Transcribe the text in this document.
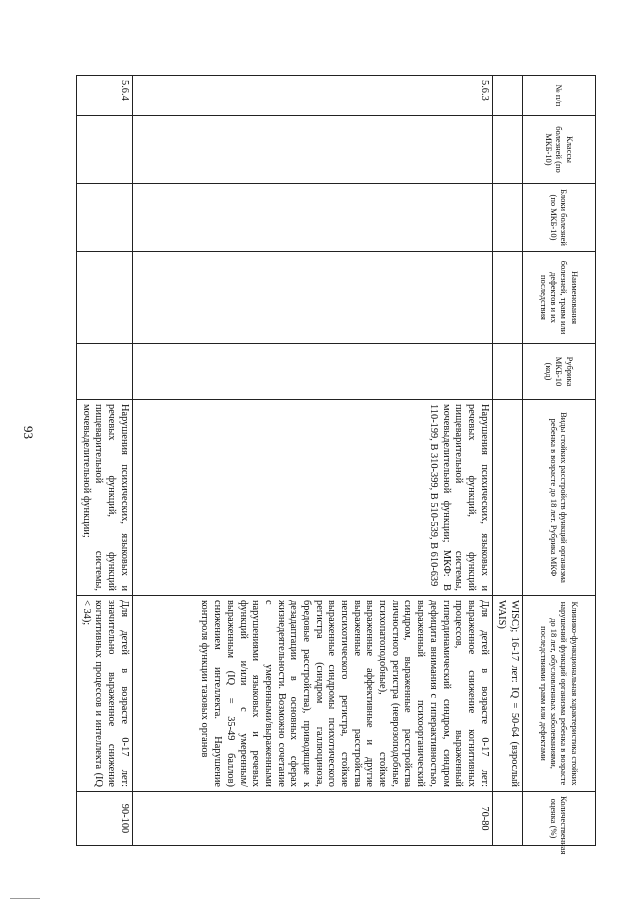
93
№ п/п	Классы болезней (по МКБ-10)	Блоки болезней (по МКБ-10)	Наименования болезней, травм или дефектов и их последствия	Рубрика МКБ-10 (код)	Виды стойких расстройств функций организма ребенка в возрасте до 18 лет. Рубрика МКФ	Клинико-функциональная характеристика стойких нарушений функций организма ребенка в возрасте до 18 лет, обусловленных заболеваниями, последствиями травм или дефектами	Количественная оценка (%)
						WISC); 16-17 лет: IQ = 50-64 (взрослый WAIS)	
5.6.3					Нарушения психических, языковых и речевых функций, функций пищеварительной системы, мочевыделительной функции; МКФ: В 110-199, В 310-399, В 510-539, В 610-639	Для детей в возрасте 0-17 лет: выраженное снижение когнитивных процессов, выраженный гипердинамический синдром, синдром дефицита внимания с гиперактивностью, выраженный психоорганический синдром, выраженные расстройства личностного регистра (неврозоподобные, психопатоподобные), стойкие выраженные аффективные и другие выраженные расстройства непсихотического регистра, стойкие выраженные синдромы психотического регистра (синдром галлюциноза, бредовые расстройства), приводящие к дезадаптации в основных сферах жизнедеятельности. Возможно сочетание с умеренными/выраженными нарушениями языковых и речевых функций и/или с умеренным/выраженным (IQ = 35-49 баллов) снижением интеллекта. Нарушение контроля функции тазовых органов	70-80
5.6.4					Нарушения психических, языковых и речевых функций, функций пищеварительной системы, мочевыделительной функции;	Для детей в возрасте 0-17 лет: значительно выраженное снижение когнитивных процессов и интеллекта (IQ < 34);	90-100
